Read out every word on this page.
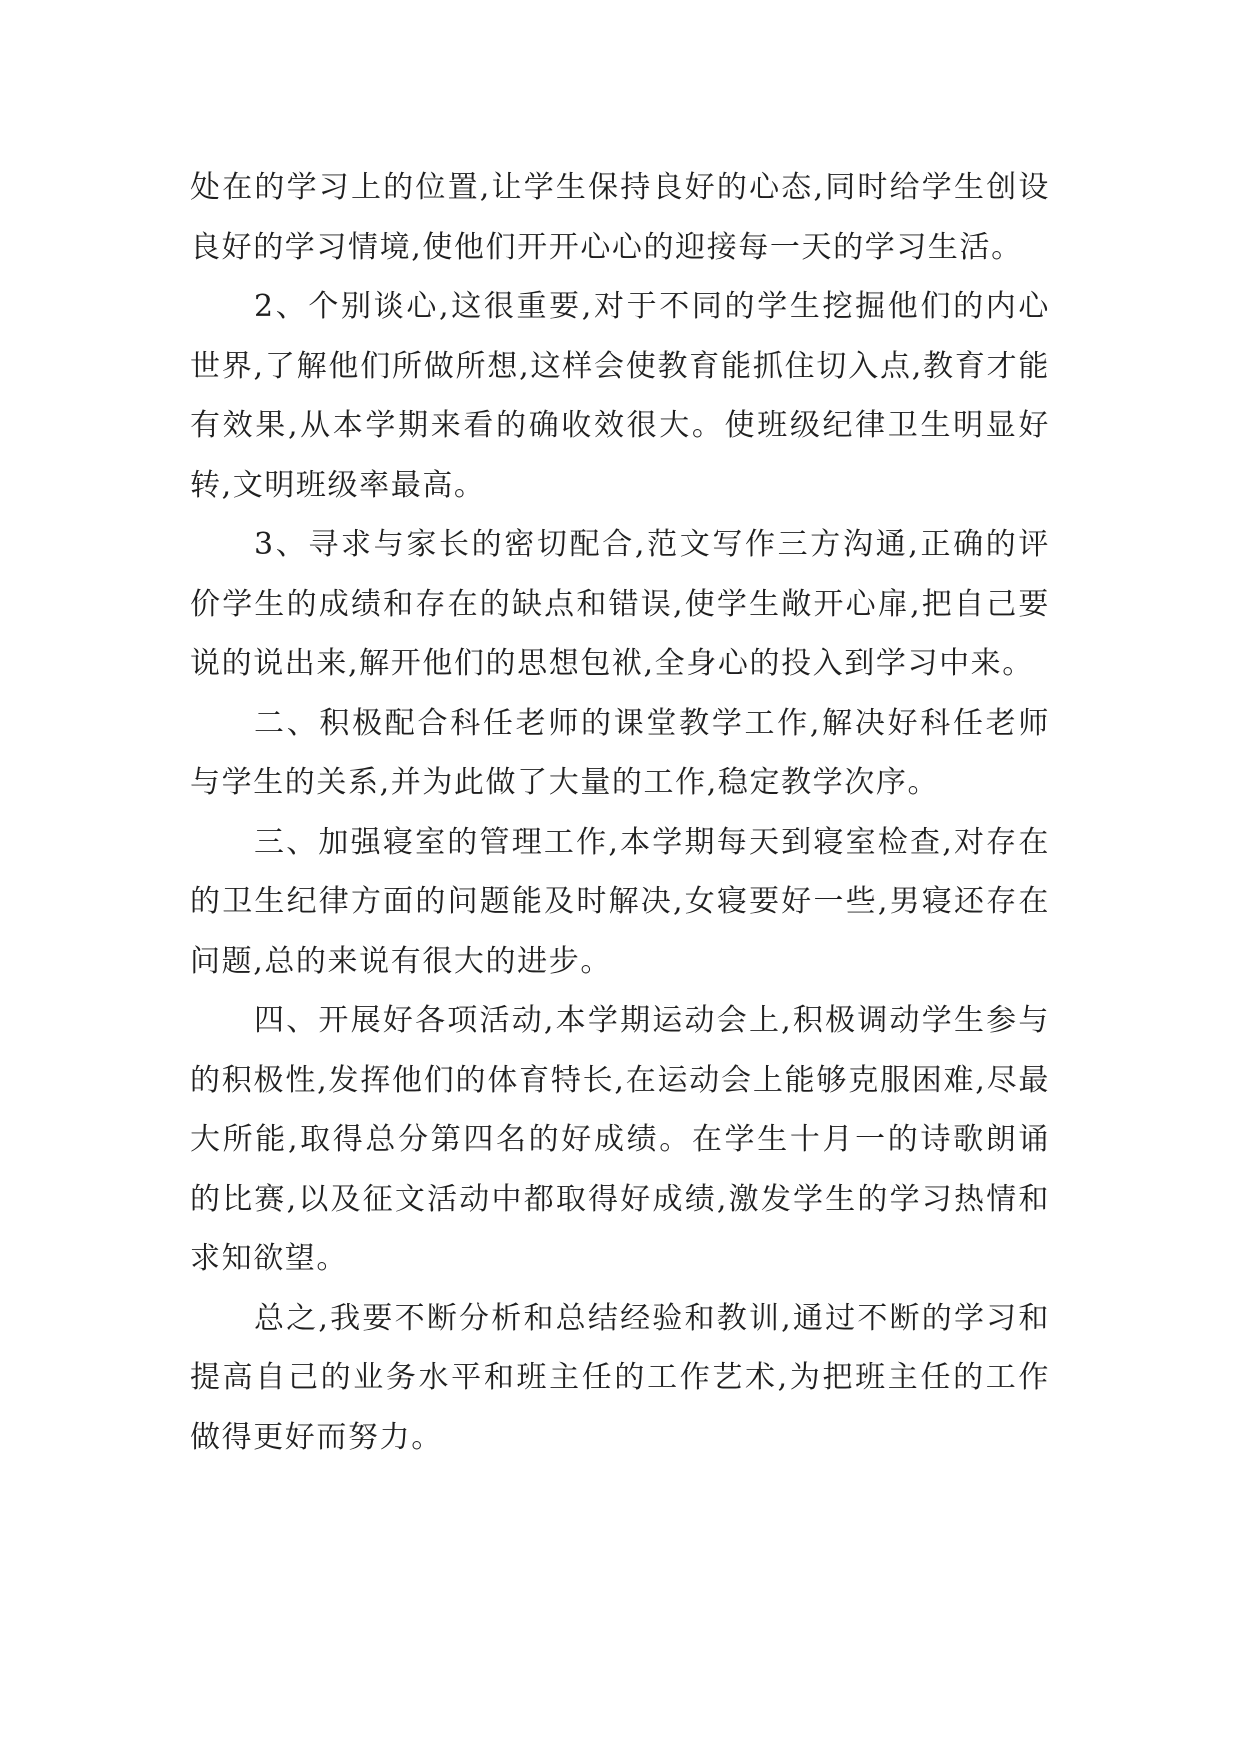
处在的学习上的位置,让学生保持良好的心态,同时给学生创设良好的学习情境,使他们开开心心的迎接每一天的学习生活。

2、个别谈心,这很重要,对于不同的学生挖掘他们的内心世界,了解他们所做所想,这样会使教育能抓住切入点,教育才能有效果,从本学期来看的确收效很大。使班级纪律卫生明显好转,文明班级率最高。

3、寻求与家长的密切配合,范文写作三方沟通,正确的评价学生的成绩和存在的缺点和错误,使学生敞开心扉,把自己要说的说出来,解开他们的思想包袱,全身心的投入到学习中来。

二、积极配合科任老师的课堂教学工作,解决好科任老师与学生的关系,并为此做了大量的工作,稳定教学次序。

三、加强寝室的管理工作,本学期每天到寝室检查,对存在的卫生纪律方面的问题能及时解决,女寝要好一些,男寝还存在问题,总的来说有很大的进步。

四、开展好各项活动,本学期运动会上,积极调动学生参与的积极性,发挥他们的体育特长,在运动会上能够克服困难,尽最大所能,取得总分第四名的好成绩。在学生十月一的诗歌朗诵的比赛,以及征文活动中都取得好成绩,激发学生的学习热情和求知欲望。

总之,我要不断分析和总结经验和教训,通过不断的学习和提高自己的业务水平和班主任的工作艺术,为把班主任的工作做得更好而努力。
